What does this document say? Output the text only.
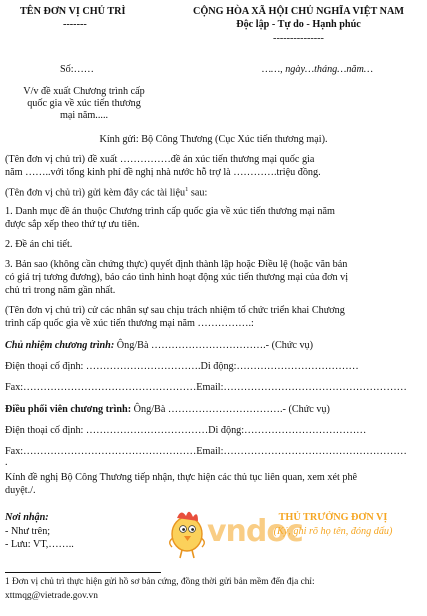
TÊN ĐƠN VỊ CHỦ TRÌ
-------
CỘNG HÒA XÃ HỘI CHỦ NGHĨA VIỆT NAM
Độc lập - Tự do - Hạnh phúc
---------------
Số:……	……, ngày…tháng…năm…
V/v đề xuất Chương trình cấp
quốc gia về xúc tiến thương
mại năm.....
Kính gửi: Bộ Công Thương (Cục Xúc tiến thương mại).
(Tên đơn vị chủ trì) đề xuất ……………đề án xúc tiến thương mại quốc gia
năm ……..với tổng kinh phí đề nghị nhà nước hỗ trợ là ………….triệu đồng.
(Tên đơn vị chủ trì) gửi kèm đây các tài liệu$^1$ sau:
1. Danh mục đề án thuộc Chương trình cấp quốc gia về xúc tiến thương mại năm
được sắp xếp theo thứ tự ưu tiên.
2. Đề án chi tiết.
3. Bản sao (không cần chứng thực) quyết định thành lập hoặc Điều lệ (hoặc văn bản
có giá trị tương đương), báo cáo tình hình hoạt động xúc tiến thương mại của đơn vị
chủ trì trong năm gần nhất.
(Tên đơn vị chủ trì) cử các nhân sự sau chịu trách nhiệm tổ chức triển khai Chương
trình cấp quốc gia về xúc tiến thương mại năm …………….:
Chủ nhiệm chương trình: Ông/Bà …………………………….- (Chức vụ)
Điện thoại cố định: …………………………….Di động:………………………………
Fax:……………………………………………Email:………………………………………………
Điều phối viên chương trình: Ông/Bà …………………………….- (Chức vụ)
Điện thoại cố định: ………………………………Di động:………………………………
Fax:……………………………………………Email:………………………………………………
.
Kính đề nghị Bộ Công Thương tiếp nhận, thực hiện các thủ tục liên quan, xem xét phê
duyệt./.
Nơi nhận:
- Như trên;
- Lưu: VT,……..	vndoc
THỦ TRƯỞNG ĐƠN VỊ
(Ký, ghi rõ họ tên, đóng dấu)
1 Đơn vị chủ trì thực hiện gửi hồ sơ bản cứng, đồng thời gửi bản mềm đến địa chỉ:
xttmqg@vietrade.gov.vn
